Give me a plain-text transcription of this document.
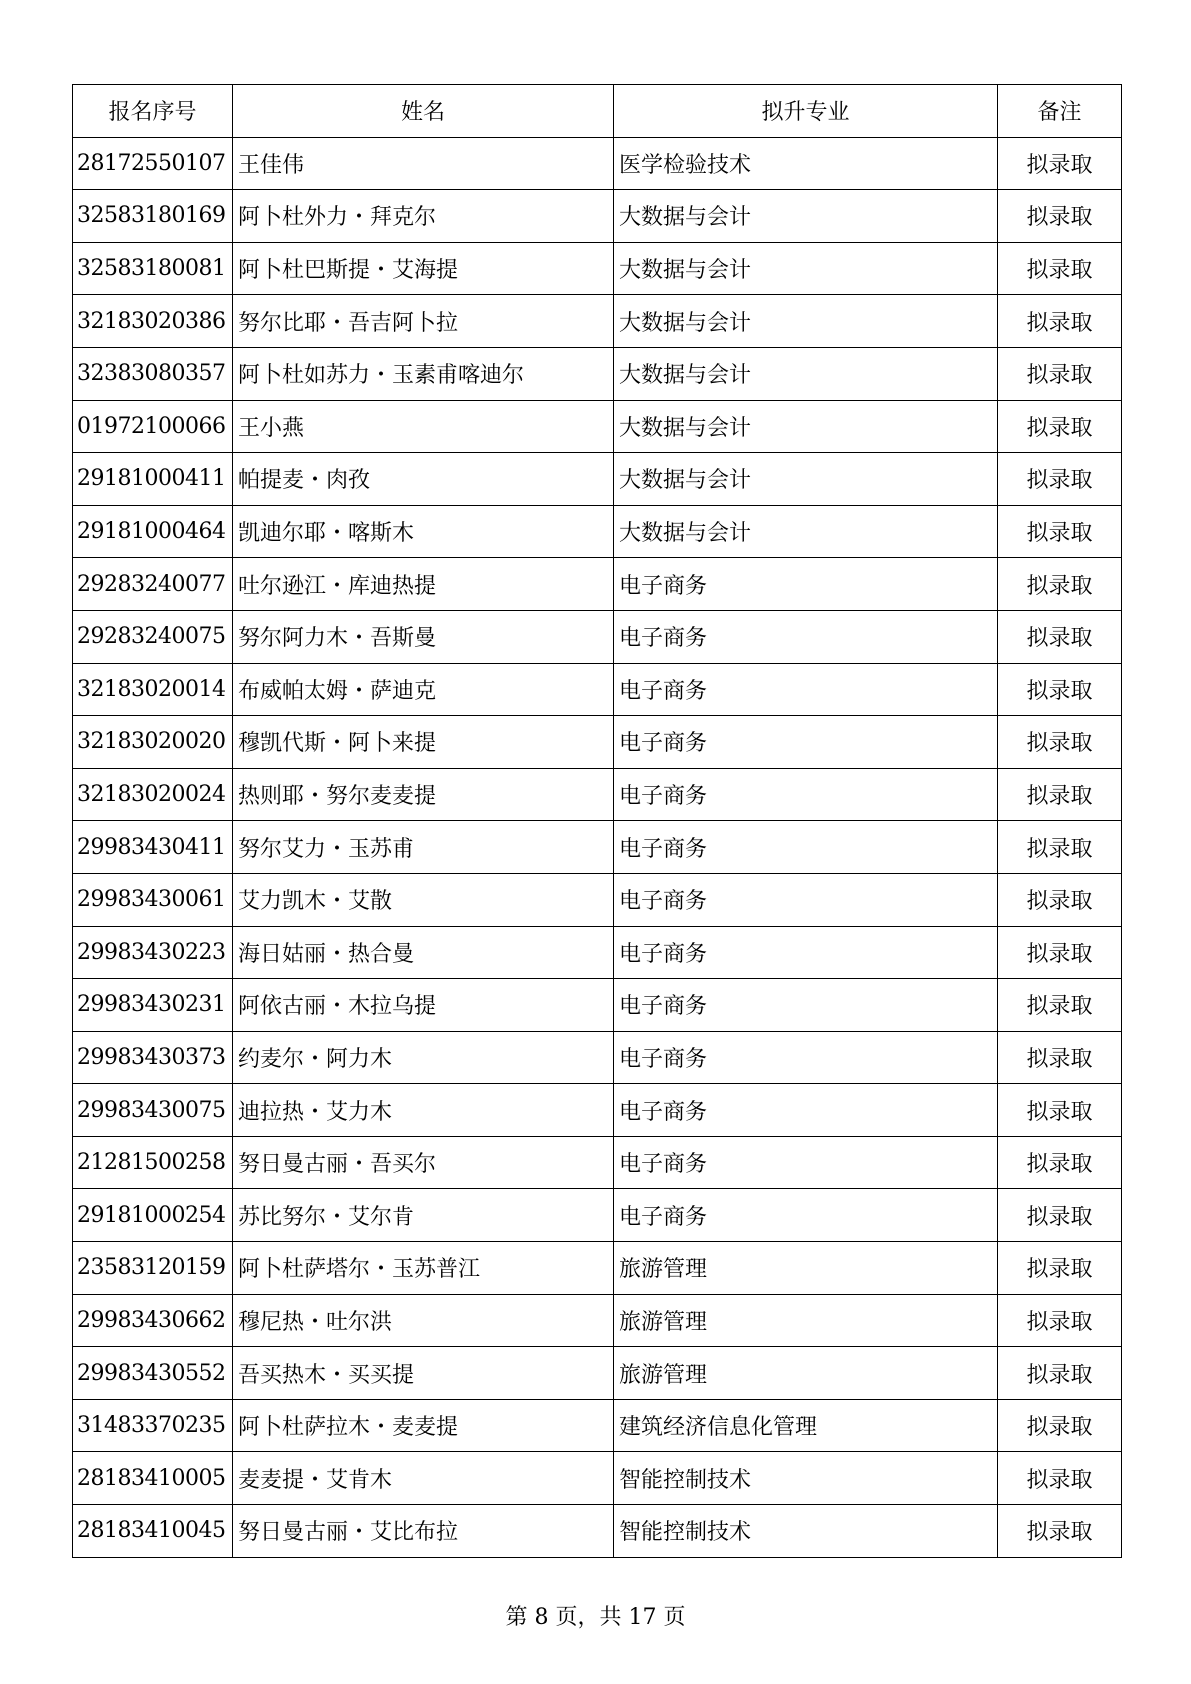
报名序号	姓名	拟升专业	备注
28172550107	王佳伟	医学检验技术	拟录取
32583180169	阿卜杜外力・拜克尔	大数据与会计	拟录取
32583180081	阿卜杜巴斯提・艾海提	大数据与会计	拟录取
32183020386	努尔比耶・吾吉阿卜拉	大数据与会计	拟录取
32383080357	阿卜杜如苏力・玉素甫喀迪尔	大数据与会计	拟录取
01972100066	王小燕	大数据与会计	拟录取
29181000411	帕提麦・肉孜	大数据与会计	拟录取
29181000464	凯迪尔耶・喀斯木	大数据与会计	拟录取
29283240077	吐尔逊江・库迪热提	电子商务	拟录取
29283240075	努尔阿力木・吾斯曼	电子商务	拟录取
32183020014	布威帕太姆・萨迪克	电子商务	拟录取
32183020020	穆凯代斯・阿卜来提	电子商务	拟录取
32183020024	热则耶・努尔麦麦提	电子商务	拟录取
29983430411	努尔艾力・玉苏甫	电子商务	拟录取
29983430061	艾力凯木・艾散	电子商务	拟录取
29983430223	海日姑丽・热合曼	电子商务	拟录取
29983430231	阿依古丽・木拉乌提	电子商务	拟录取
29983430373	约麦尔・阿力木	电子商务	拟录取
29983430075	迪拉热・艾力木	电子商务	拟录取
21281500258	努日曼古丽・吾买尔	电子商务	拟录取
29181000254	苏比努尔・艾尔肯	电子商务	拟录取
23583120159	阿卜杜萨塔尔・玉苏普江	旅游管理	拟录取
29983430662	穆尼热・吐尔洪	旅游管理	拟录取
29983430552	吾买热木・买买提	旅游管理	拟录取
31483370235	阿卜杜萨拉木・麦麦提	建筑经济信息化管理	拟录取
28183410005	麦麦提・艾肯木	智能控制技术	拟录取
28183410045	努日曼古丽・艾比布拉	智能控制技术	拟录取
第 8 页，共 17 页
